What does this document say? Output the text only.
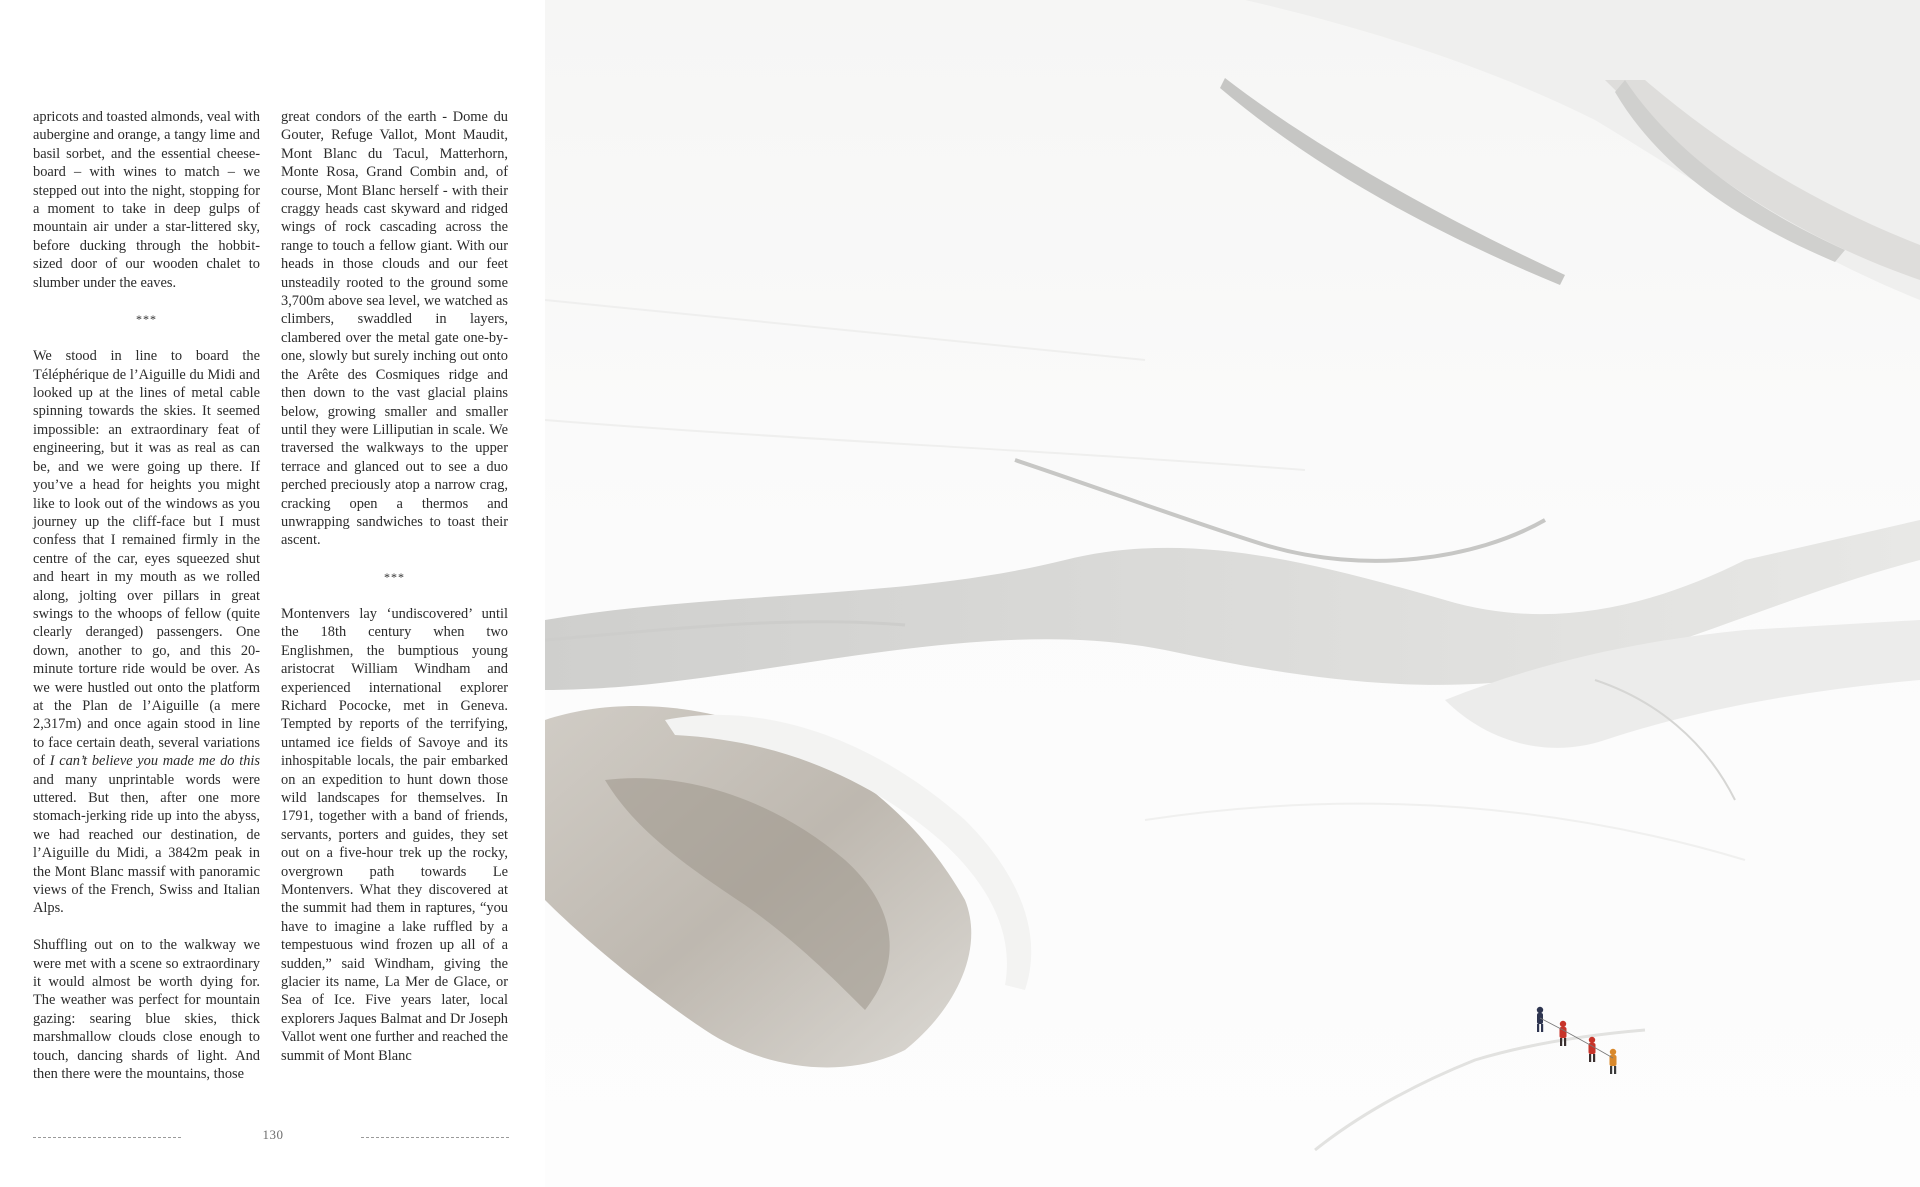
apricots and toasted almonds, veal with aubergine and orange, a tangy lime and basil sorbet, and the essential cheese-board – with wines to match – we stepped out into the night, stopping for a moment to take in deep gulps of mountain air under a star-littered sky, before ducking through the hobbit-sized door of our wooden chalet to slumber under the eaves.

***

We stood in line to board the Téléphérique de l’Aiguille du Midi and looked up at the lines of metal cable spinning towards the skies. It seemed impossible: an extraordinary feat of engineering, but it was as real as can be, and we were going up there. If you’ve a head for heights you might like to look out of the windows as you journey up the cliff-face but I must confess that I remained firmly in the centre of the car, eyes squeezed shut and heart in my mouth as we rolled along, jolting over pillars in great swings to the whoops of fellow (quite clearly deranged) passengers. One down, another to go, and this 20-minute torture ride would be over. As we were hustled out onto the platform at the Plan de l’Aiguille (a mere 2,317m) and once again stood in line to face certain death, several variations of I can’t believe you made me do this and many unprintable words were uttered. But then, after one more stomach-jerking ride up into the abyss, we had reached our destination, de l’Aiguille du Midi, a 3842m peak in the Mont Blanc massif with panoramic views of the French, Swiss and Italian Alps.

Shuffling out on to the walkway we were met with a scene so extraordinary it would almost be worth dying for. The weather was perfect for mountain gazing: searing blue skies, thick marshmallow clouds close enough to touch, dancing shards of light. And then there were the mountains, those

great condors of the earth - Dome du Gouter, Refuge Vallot, Mont Maudit, Mont Blanc du Tacul, Matterhorn, Monte Rosa, Grand Combin and, of course, Mont Blanc herself - with their craggy heads cast skyward and ridged wings of rock cascading across the range to touch a fellow giant. With our heads in those clouds and our feet unsteadily rooted to the ground some 3,700m above sea level, we watched as climbers, swaddled in layers, clambered over the metal gate one-by-one, slowly but surely inching out onto the Arête des Cosmiques ridge and then down to the vast glacial plains below, growing smaller and smaller until they were Lilliputian in scale. We traversed the walkways to the upper terrace and glanced out to see a duo perched preciously atop a narrow crag, cracking open a thermos and unwrapping sandwiches to toast their ascent.

***

Montenvers lay ‘undiscovered’ until the 18th century when two Englishmen, the bumptious young aristocrat William Windham and experienced international explorer Richard Pococke, met in Geneva. Tempted by reports of the terrifying, untamed ice fields of Savoye and its inhospitable locals, the pair embarked on an expedition to hunt down those wild landscapes for themselves. In 1791, together with a band of friends, servants, porters and guides, they set out on a five-hour trek up the rocky, overgrown path towards Le Montenvers. What they discovered at the summit had them in raptures, “you have to imagine a lake ruffled by a tempestuous wind frozen up all of a sudden,” said Windham, giving the glacier its name, La Mer de Glace, or Sea of Ice. Five years later, local explorers Jaques Balmat and Dr Joseph Vallot went one further and reached the summit of Mont Blanc

130
